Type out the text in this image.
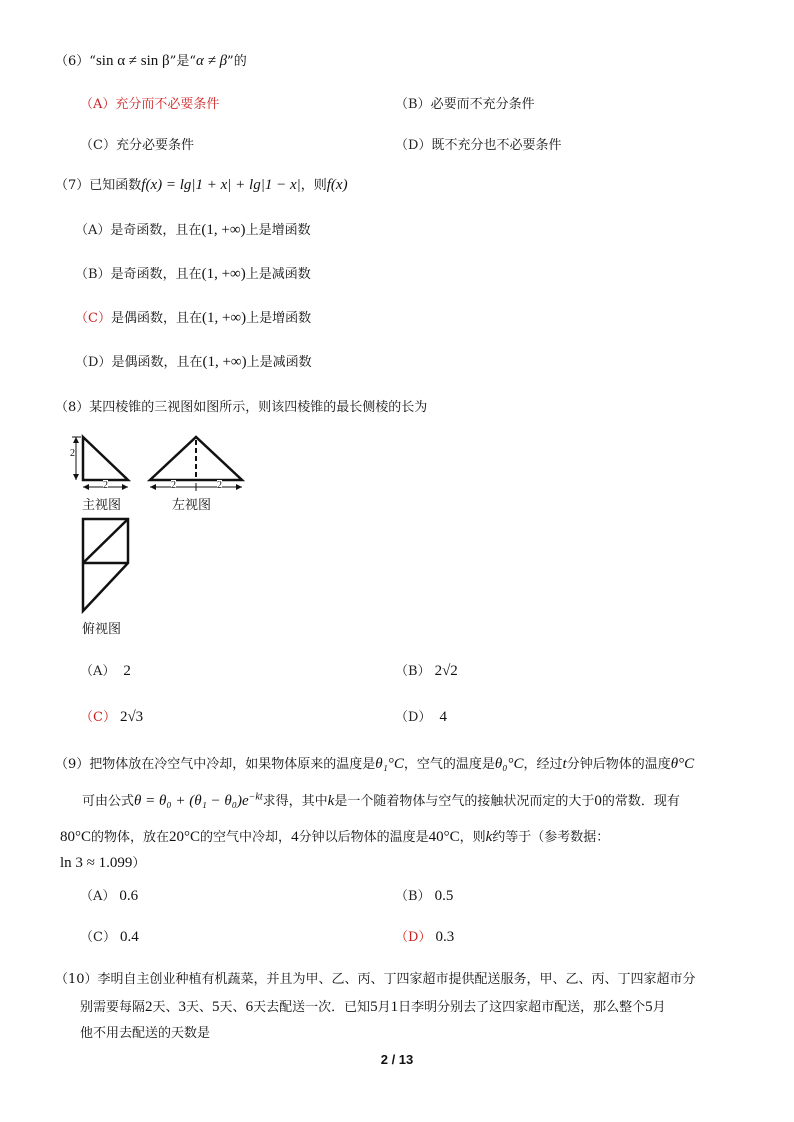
（6）“sin α ≠ sin β”是“α ≠ β”的
（A）充分而不必要条件	（B）必要而不充分条件
（C）充分必要条件	（D）既不充分也不必要条件
（7）已知函数f(x) = lg|1 + x| + lg|1 − x|，则f(x)
（A）是奇函数，且在(1, +∞)上是增函数
（B）是奇函数，且在(1, +∞)上是减函数
（C）是偶函数，且在(1, +∞)上是增函数
（D）是偶函数，且在(1, +∞)上是减函数
（8）某四棱锥的三视图如图所示，则该四棱锥的最长侧棱的长为
2
2
主视图
2	2
左视图
俯视图
（A） 2	（B） 2√2
（C） 2√3	（D） 4
（9）把物体放在冷空气中冷却，如果物体原来的温度是θ₁°C，空气的温度是θ₀°C，经过t分钟后物体的温度θ°C
可由公式$\theta = \theta_0 + (\theta_1 - \theta_0)e^{-kt}$求得，其中k是一个随着物体与空气的接触状况而定的大于0的常数．现有
80°C的物体，放在20°C的空气中冷却，4分钟以后物体的温度是40°C，则k约等于（参考数据：
ln 3 ≈ 1.099）
（A） 0.6	（B） 0.5
（C） 0.4	（D） 0.3
（10）李明自主创业种植有机蔬菜，并且为甲、乙、丙、丁四家超市提供配送服务，甲、乙、丙、丁四家超市分
别需要每隔2天、3天、5天、6天去配送一次．已知5月1日李明分别去了这四家超市配送，那么整个5月
他不用去配送的天数是
2 / 13
